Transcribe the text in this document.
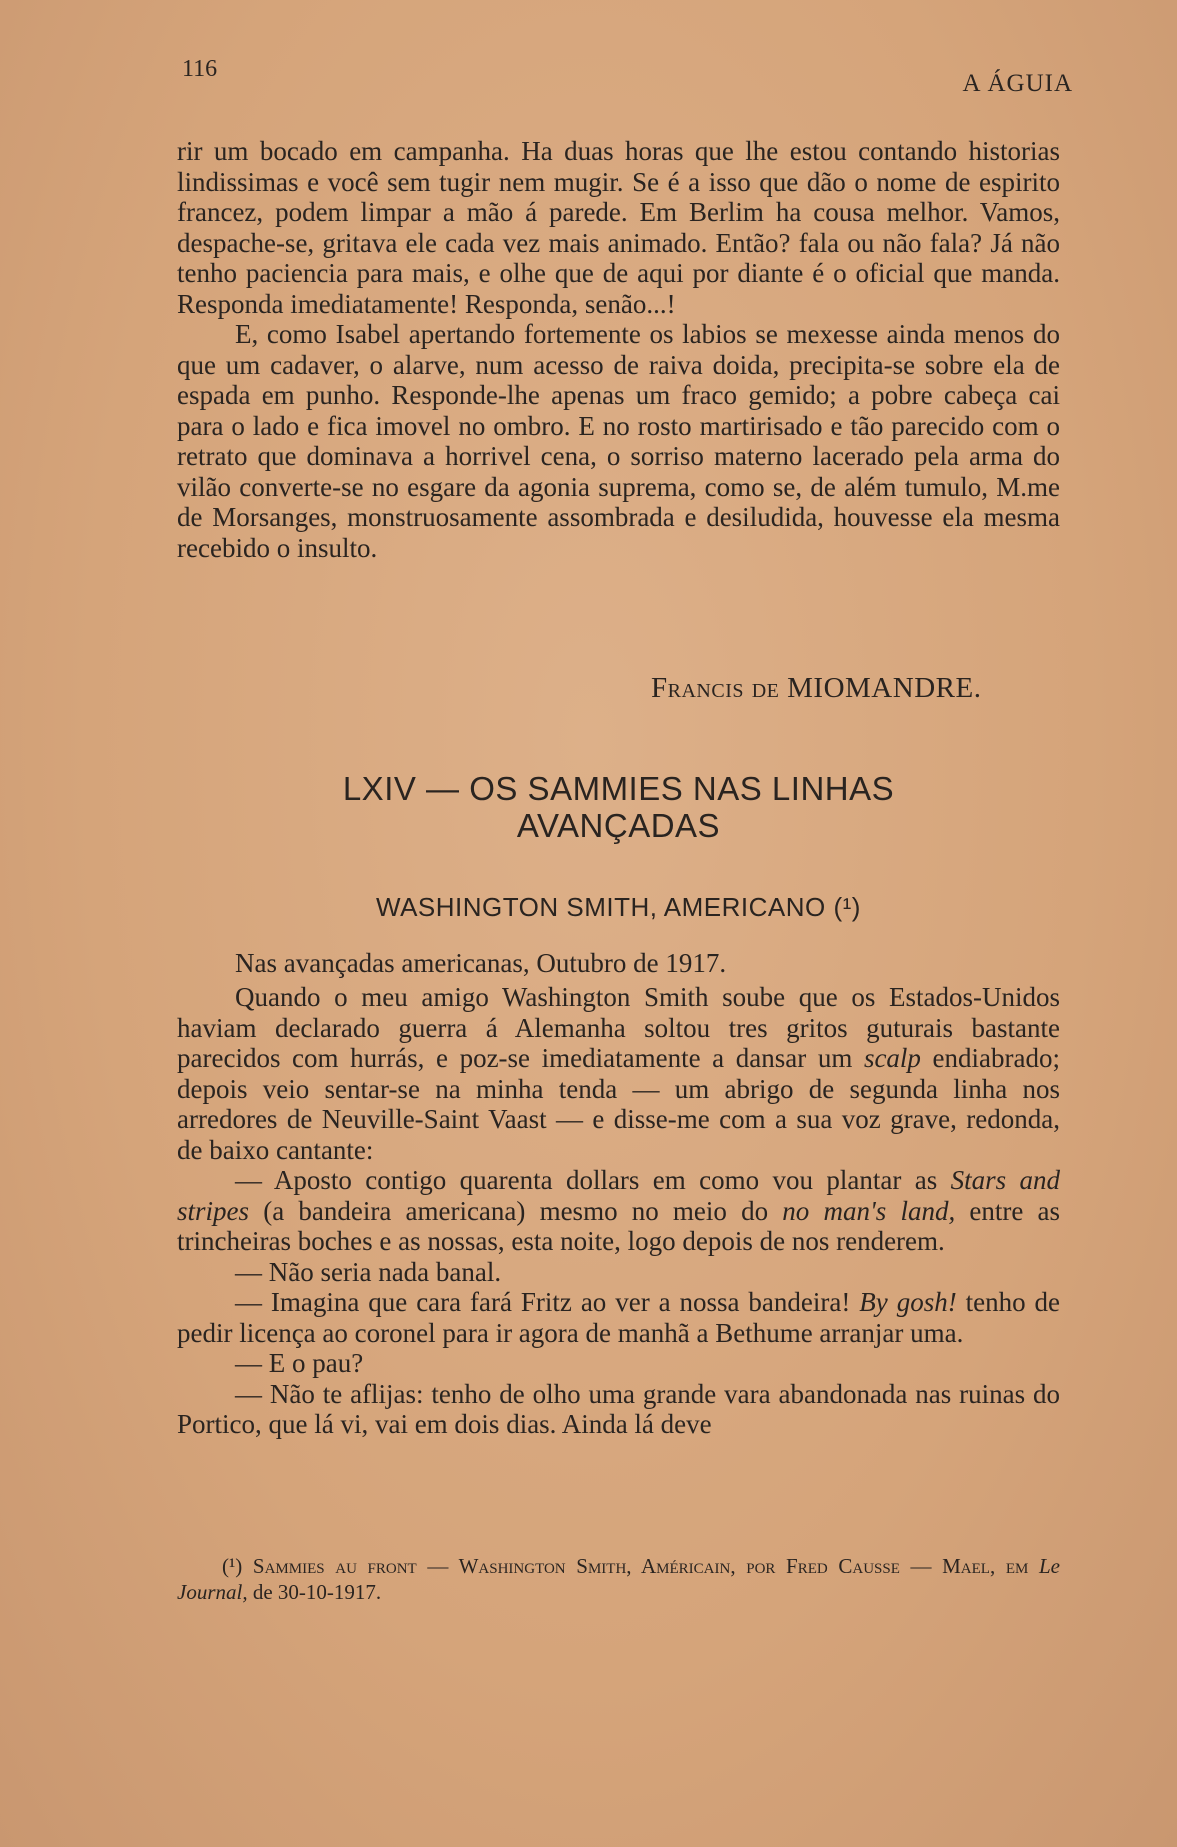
116
A ÁGUIA

rir um bocado em campanha. Ha duas horas que lhe estou contando historias lindissimas e você sem tugir nem mugir. Se é a isso que dão o nome de espirito francez, podem limpar a mão á parede. Em Berlim ha cousa melhor. Vamos, despache-se, gritava ele cada vez mais animado. Então? fala ou não fala? Já não tenho paciencia para mais, e olhe que de aqui por diante é o oficial que manda. Responda imediatamente! Responda, senão...!

E, como Isabel apertando fortemente os labios se mexesse ainda menos do que um cadaver, o alarve, num acesso de raiva doida, precipita-se sobre ela de espada em punho. Responde-lhe apenas um fraco gemido; a pobre cabeça cai para o lado e fica imovel no ombro. E no rosto martirisado e tão parecido com o retrato que dominava a horrivel cena, o sorriso materno lacerado pela arma do vilão converte-se no esgare da agonia suprema, como se, de além tumulo, M.me de Morsanges, monstruosamente assombrada e desiludida, houvesse ela mesma recebido o insulto.

Francis de MIOMANDRE.
LXIV — OS SAMMIES NAS LINHAS
AVANÇADAS
WASHINGTON SMITH, AMERICANO (¹)
Nas avançadas americanas, Outubro de 1917.

Quando o meu amigo Washington Smith soube que os Estados-Unidos haviam declarado guerra á Alemanha soltou tres gritos guturais bastante parecidos com hurrás, e poz-se imediatamente a dansar um scalp endiabrado; depois veio sentar-se na minha tenda — um abrigo de segunda linha nos arredores de Neuville-Saint Vaast — e disse-me com a sua voz grave, redonda, de baixo cantante:

— Aposto contigo quarenta dollars em como vou plantar as Stars and stripes (a bandeira americana) mesmo no meio do no man's land, entre as trincheiras boches e as nossas, esta noite, logo depois de nos renderem.

— Não seria nada banal.

— Imagina que cara fará Fritz ao ver a nossa bandeira! By gosh! tenho de pedir licença ao coronel para ir agora de manhã a Bethume arranjar uma.

— E o pau?

— Não te aflijas: tenho de olho uma grande vara abandonada nas ruinas do Portico, que lá vi, vai em dois dias. Ainda lá deve

(¹) Sammies au front — Washington Smith, Américain, por Fred Causse — Mael, em Le Journal, de 30-10-1917.
